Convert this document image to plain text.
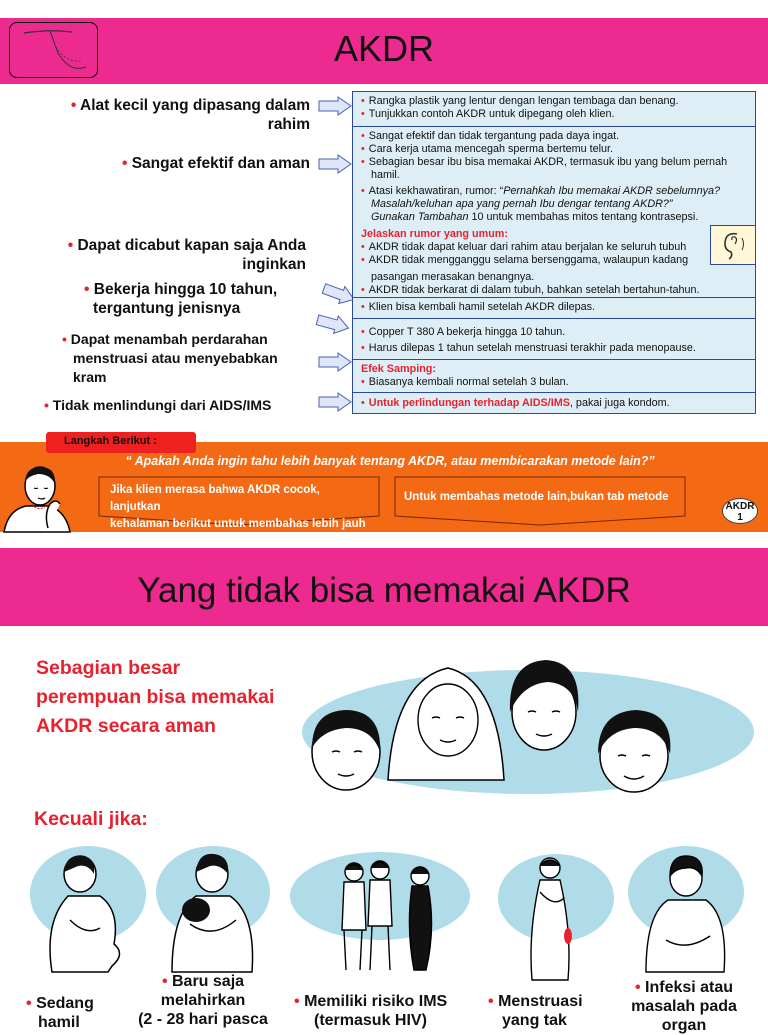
AKDR
• Alat kecil yang dipasang dalam
rahim
• Sangat efektif dan aman
• Dapat dicabut kapan saja Anda
inginkan
• Bekerja hingga 10 tahun,
tergantung jenisnya
• Dapat menambah perdarahan
menstruasi atau menyebabkan
kram
• Tidak menlindungi dari AIDS/IMS
• Rangka plastik yang lentur dengan lengan tembaga dan benang.
• Tunjukkan contoh AKDR untuk dipegang oleh klien.
• Sangat efektif dan tidak tergantung pada daya ingat.
• Cara kerja utama mencegah sperma bertemu telur.
• Sebagian besar ibu bisa memakai AKDR, termasuk ibu yang belum pernah
hamil.
• Atasi kekhawatiran, rumor: “Pernahkah Ibu memakai AKDR sebelumnya?
Masalah/keluhan apa yang pernah Ibu dengar tentang AKDR?”
Gunakan Tambahan 10 untuk membahas mitos tentang kontrasepsi.
Jelaskan rumor yang umum:
• AKDR tidak dapat keluar dari rahim atau berjalan ke seluruh tubuh
• AKDR tidak mengganggu selama bersenggama, walaupun kadang
pasangan merasakan benangnya.
• AKDR tidak berkarat di dalam tubuh, bahkan setelah bertahun-tahun.
• Klien bisa kembali hamil setelah AKDR dilepas.
• Copper T 380 A bekerja hingga 10 tahun.
• Harus dilepas 1 tahun setelah menstruasi terakhir pada menopause.
Efek Samping:
• Biasanya kembali normal setelah 3 bulan.
• Untuk perlindungan terhadap AIDS/IMS, pakai juga kondom.
Langkah Berikut :
“ Apakah Anda ingin tahu lebih banyak tentang AKDR, atau membicarakan metode lain?”
Jika klien merasa bahwa AKDR cocok, lanjutkan
kehalaman berikut untuk membahas lebih jauh
Untuk membahas metode lain,bukan tab metode
AKDR
1
Yang tidak bisa memakai AKDR
Sebagian besar
perempuan bisa memakai
AKDR secara aman
Kecuali jika:
• Sedang
hamil
• Baru saja
melahirkan
(2 - 28 hari pasca
• Memiliki risiko IMS
(termasuk HIV)
• Menstruasi
yang tak
• Infeksi atau
masalah pada
organ
